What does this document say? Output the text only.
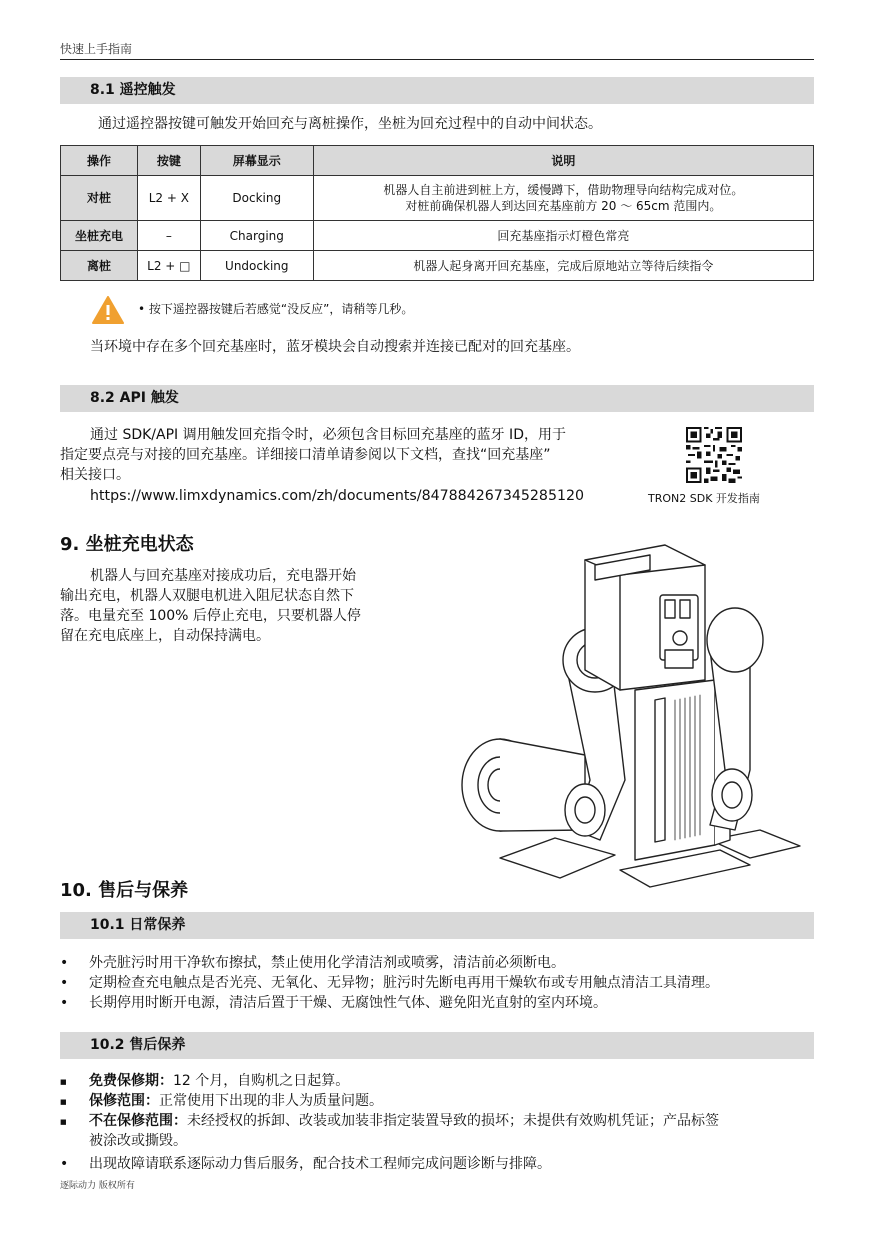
快速上手指南
8.1 遥控触发
通过遥控器按键可触发开始回充与离桩操作，坐桩为回充过程中的自动中间状态。
操作	按键	屏幕显示	说明
对桩	L2 + X	Docking	机器人自主前进到桩上方，缓慢蹲下，借助物理导向结构完成对位。
对桩前确保机器人到达回充基座前方 20 ～ 65cm 范围内。

坐桩充电	–	Charging	回充基座指示灯橙色常亮
离桩	L2 + □	Undocking	机器人起身离开回充基座，完成后原地站立等待后续指令
• 按下遥控器按键后若感觉“没反应”，请稍等几秒。
当环境中存在多个回充基座时，蓝牙模块会自动搜索并连接已配对的回充基座。
8.2 API 触发
通过 SDK/API 调用触发回充指令时，必须包含目标回充基座的蓝牙 ID，用于
指定要点亮与对接的回充基座。详细接口清单请参阅以下文档，查找“回充基座”
相关接口。
https://www.limxdynamics.com/zh/documents/847884267345285120	TRON2 SDK 开发指南
9. 坐桩充电状态
机器人与回充基座对接成功后，充电器开始
输出充电，机器人双腿电机进入阻尼状态自然下
落。电量充至 100% 后停止充电，只要机器人停
留在充电底座上，自动保持满电。
10. 售后与保养
10.1 日常保养
• 外壳脏污时用干净软布擦拭，禁止使用化学清洁剂或喷雾，清洁前必须断电。
• 定期检查充电触点是否光亮、无氧化、无异物；脏污时先断电再用干燥软布或专用触点清洁工具清理。
• 长期停用时断开电源，清洁后置于干燥、无腐蚀性气体、避免阳光直射的室内环境。
10.2 售后保养
■ 免费保修期：12 个月，自购机之日起算。
■ 保修范围：正常使用下出现的非人为质量问题。
■ 不在保修范围：未经授权的拆卸、改装或加装非指定装置导致的损坏；未提供有效购机凭证；产品标签
被涂改或撕毁。
• 出现故障请联系逐际动力售后服务，配合技术工程师完成问题诊断与排障。
逐际动力 版权所有
